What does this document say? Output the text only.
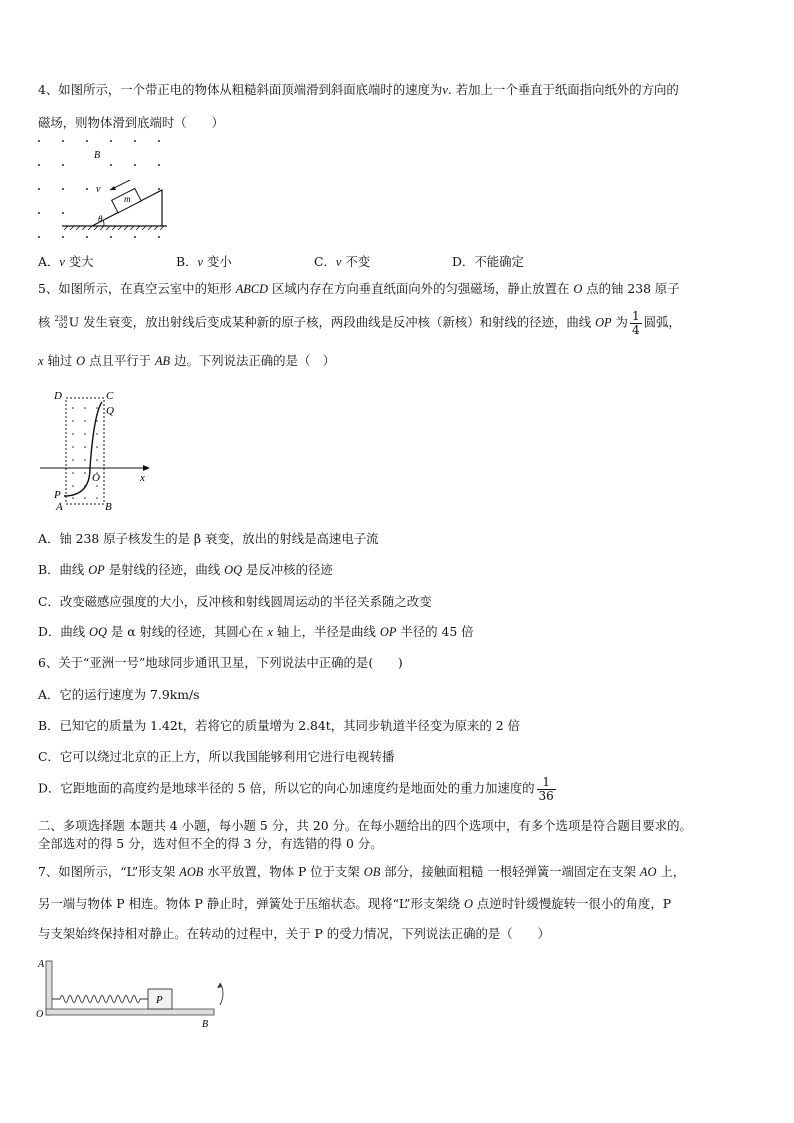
4、如图所示，一个带正电的物体从粗糙斜面顶端滑到斜面底端时的速度为v. 若加上一个垂直于纸面指向纸外的方向的
磁场，则物体滑到底端时（　　）
m
v
B
θ
A．v 变大	B．v 变小	C．v 不变	D．不能确定
5、如图所示，在真空云室中的矩形 ABCD 区域内存在方向垂直纸面向外的匀强磁场，静止放置在 O 点的铀 238 原子
核 238
92 U 发生衰变，放出射线后变成某种新的原子核，两段曲线是反冲核（新核）和射线的径迹，曲线 OP 为 $\frac{1}{4}$ 圆弧，
x 轴过 O 点且平行于 AB 边。下列说法正确的是（　）
D	C
Q
x
P
O
A	B
A．铀 238 原子核发生的是 β 衰变，放出的射线是高速电子流
B．曲线 OP 是射线的径迹，曲线 OQ 是反冲核的径迹
C．改变磁感应强度的大小，反冲核和射线圆周运动的半径关系随之改变
D．曲线 OQ 是 α 射线的径迹，其圆心在 x 轴上，半径是曲线 OP 半径的 45 倍
6、关于“亚洲一号”地球同步通讯卫星，下列说法中正确的是(　　)
A．它的运行速度为 7.9km/s
B．已知它的质量为 1.42t，若将它的质量增为 2.84t，其同步轨道半径变为原来的 2 倍
C．它可以绕过北京的正上方，所以我国能够利用它进行电视转播
D．它距地面的高度约是地球半径的 5 倍，所以它的向心加速度约是地面处的重力加速度的 $\frac{1}{36}$
二、多项选择题 本题共 4 小题，每小题 5 分，共 20 分。在每小题给出的四个选项中，有多个选项是符合题目要求的。
全部选对的得 5 分，选对但不全的得 3 分，有选错的得 0 分。
7、如图所示，“L”形支架 AOB 水平放置，物体 P 位于支架 OB 部分，接触面粗糙 一根轻弹簧一端固定在支架 AO 上，
另一端与物体 P 相连。物体 P 静止时，弹簧处于压缩状态。现将“L”形支架绕 O 点逆时针缓慢旋转一很小的角度，P
与支架始终保持相对静止。在转动的过程中，关于 P 的受力情况，下列说法正确的是（　　）
P
A
O
B
